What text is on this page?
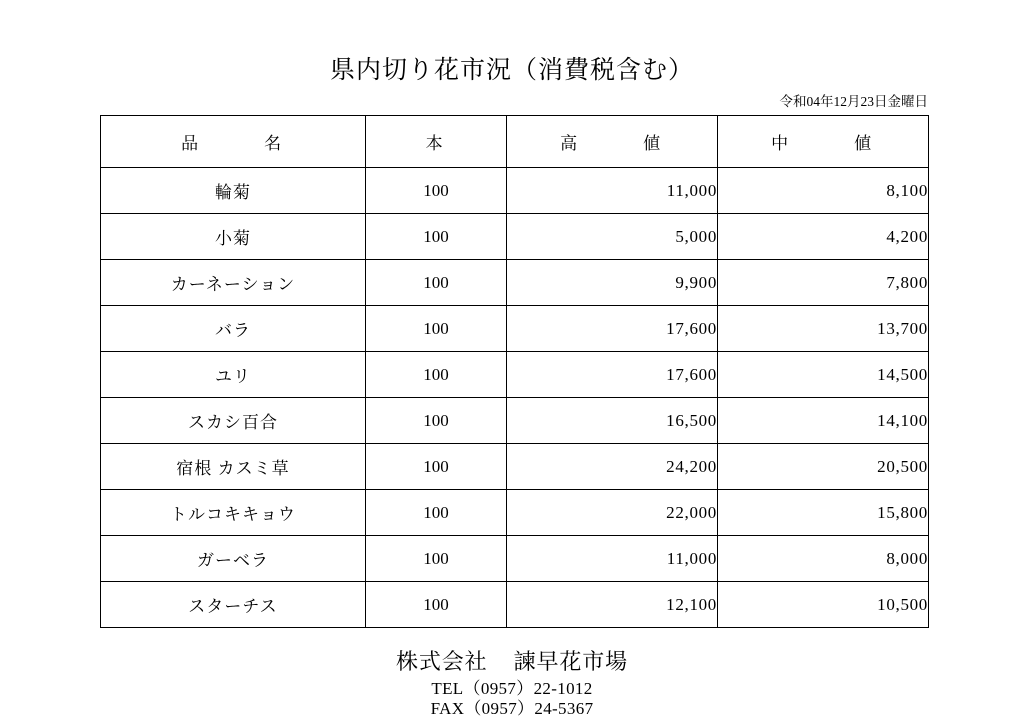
県内切り花市況（消費税含む）
令和04年12月23日金曜日
品　　　名	本	高　　　値	中　　　値
輪菊	100	11,000	8,100
小菊	100	5,000	4,200
カーネーション	100	9,900	7,800
バラ	100	17,600	13,700
ユリ	100	17,600	14,500
スカシ百合	100	16,500	14,100
宿根 カスミ草	100	24,200	20,500
トルコキキョウ	100	22,000	15,800
ガーベラ	100	11,000	8,000
スターチス	100	12,100	10,500
株式会社 諫早花市場
TEL（0957）22-1012
FAX（0957）24-5367
